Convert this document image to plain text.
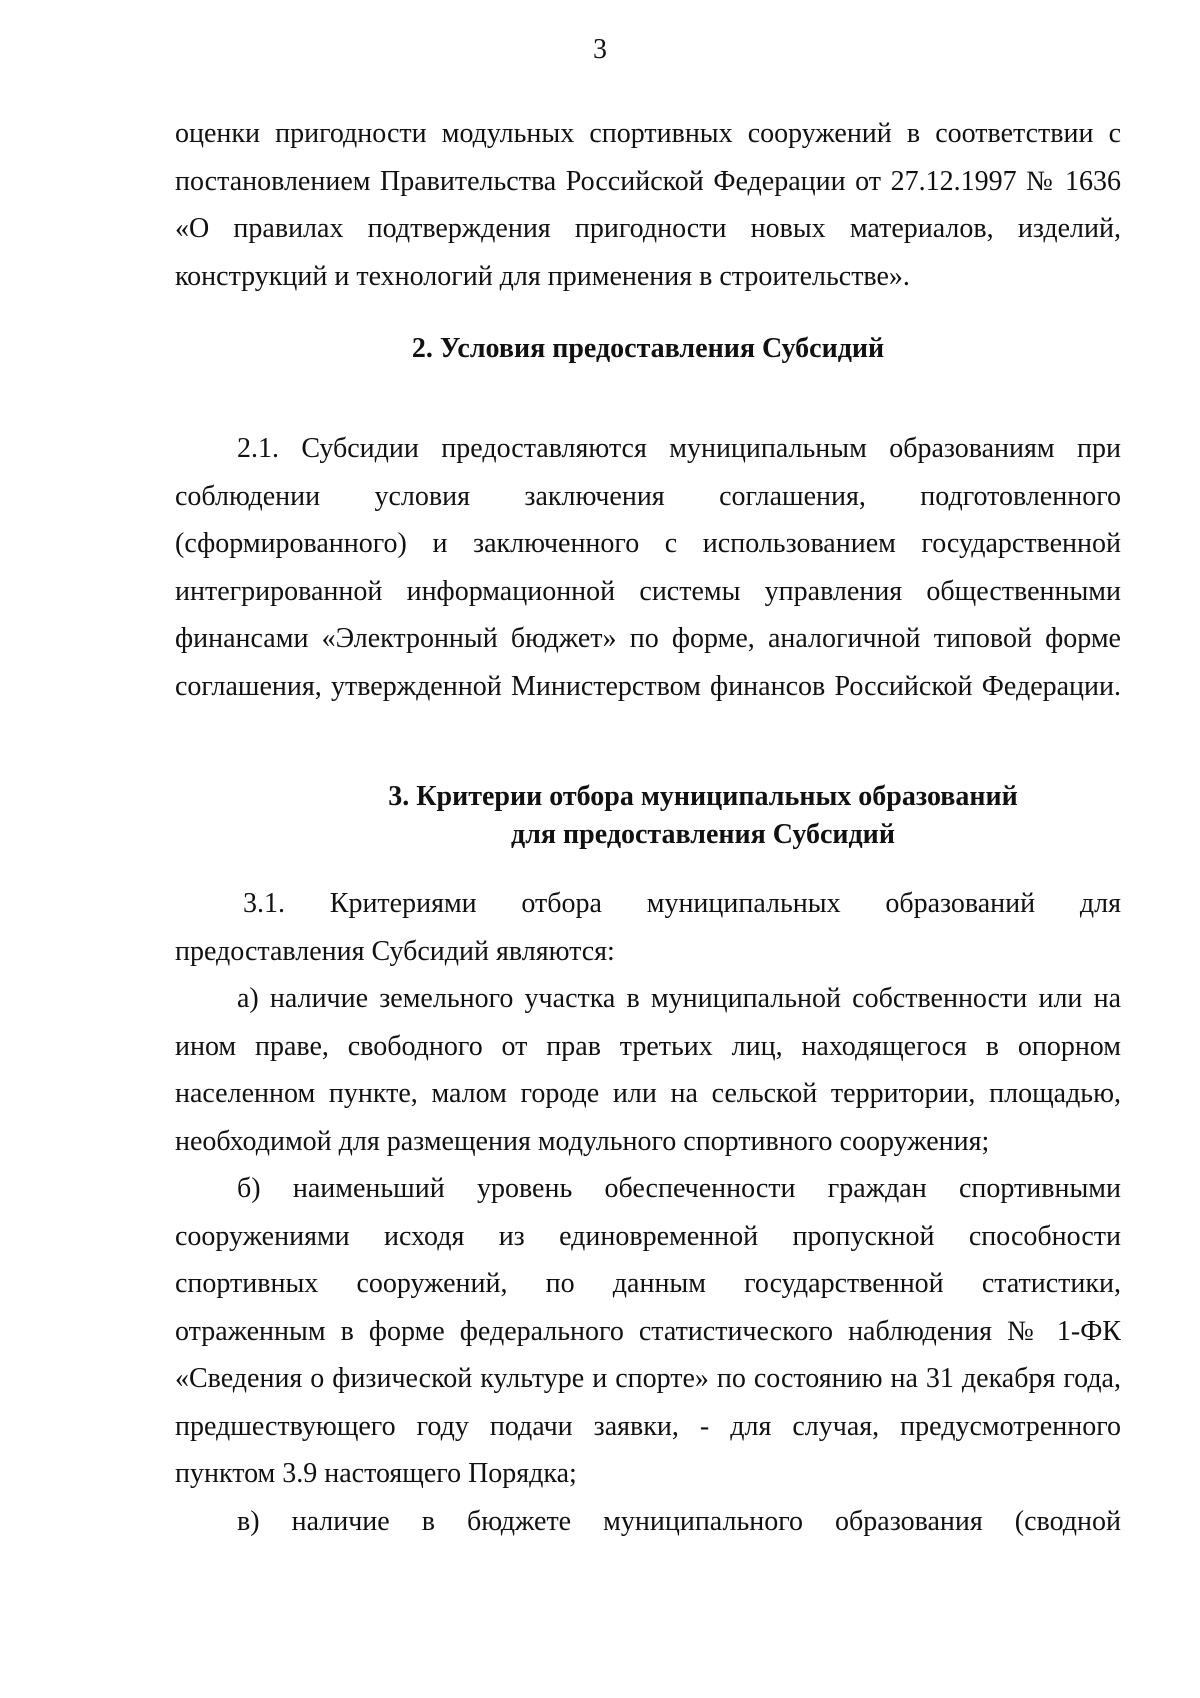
3
оценки пригодности модульных спортивных сооружений в соответствии с
постановлением Правительства Российской Федерации от 27.12.1997 № 1636
«О правилах подтверждения пригодности новых материалов, изделий,
конструкций и технологий для применения в строительстве».
2. Условия предоставления Субсидий
2.1. Субсидии предоставляются муниципальным образованиям при
соблюдении условия заключения соглашения, подготовленного
(сформированного) и заключенного с использованием государственной
интегрированной информационной системы управления общественными
финансами «Электронный бюджет» по форме, аналогичной типовой форме
соглашения, утвержденной Министерством финансов Российской Федерации.
3. Критерии отбора муниципальных образований
для предоставления Субсидий
3.1. Критериями отбора муниципальных образований для
предоставления Субсидий являются:
а) наличие земельного участка в муниципальной собственности или на
ином праве, свободного от прав третьих лиц, находящегося в опорном
населенном пункте, малом городе или на сельской территории, площадью,
необходимой для размещения модульного спортивного сооружения;
б) наименьший уровень обеспеченности граждан спортивными
сооружениями исходя из единовременной пропускной способности
спортивных сооружений, по данным государственной статистики,
отраженным в форме федерального статистического наблюдения № 1-ФК
«Сведения о физической культуре и спорте» по состоянию на 31 декабря года,
предшествующего году подачи заявки, - для случая, предусмотренного
пунктом 3.9 настоящего Порядка;
в) наличие в бюджете муниципального образования (сводной
